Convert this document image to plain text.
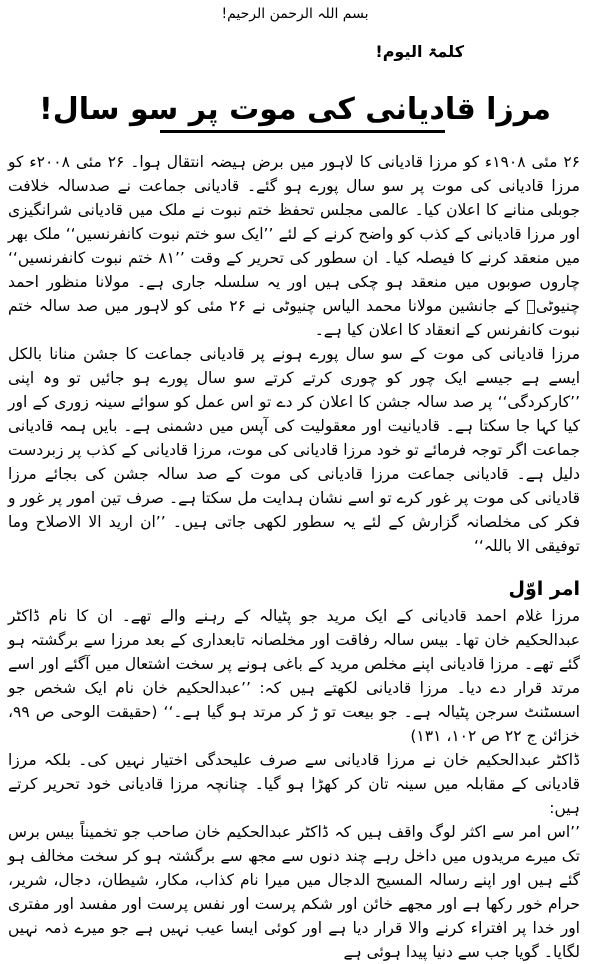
بسم اللہ الرحمن الرحیم!
کلمۃ الیوم!
مرزا قادیانی کی موت پر سو سال!

۲۶ مئی ۱۹۰۸ء کو مرزا قادیانی کا لاہور میں برض ہیضہ انتقال ہوا۔ ۲۶ مئی ۲۰۰۸ء کو مرزا قادیانی کی موت پر سو سال پورے ہو گئے۔ قادیانی جماعت نے صدسالہ خلافت جوبلی منانے کا اعلان کیا۔ عالمی مجلس تحفظ ختم نبوت نے ملک میں قادیانی شرانگیزی اور مرزا قادیانی کے کذب کو واضح کرنے کے لئے ’’ایک سو ختم نبوت کانفرنسیں‘‘ ملک بھر میں منعقد کرنے کا فیصلہ کیا۔ ان سطور کی تحریر کے وقت ’’۸۱ ختم نبوت کانفرنسیں‘‘ چاروں صوبوں میں منعقد ہو چکی ہیں اور یہ سلسلہ جاری ہے۔ مولانا منظور احمد چنیوٹیؒ کے جانشین مولانا محمد الیاس چنیوٹی نے ۲۶ مئی کو لاہور میں صد سالہ ختم نبوت کانفرنس کے انعقاد کا اعلان کیا ہے۔

مرزا قادیانی کی موت کے سو سال پورے ہونے پر قادیانی جماعت کا جشن منانا بالکل ایسے ہے جیسے ایک چور کو چوری کرتے کرتے سو سال پورے ہو جائیں تو وہ اپنی ’’کارکردگی‘‘ پر صد سالہ جشن کا اعلان کر دے تو اس عمل کو سوائے سینہ زوری کے اور کیا کہا جا سکتا ہے۔ قادیانیت اور معقولیت کی آپس میں دشمنی ہے۔ بایں ہمہ قادیانی جماعت اگر توجہ فرمائے تو خود مرزا قادیانی کی موت، مرزا قادیانی کے کذب پر زبردست دلیل ہے۔ قادیانی جماعت مرزا قادیانی کی موت کے صد سالہ جشن کی بجائے مرزا قادیانی کی موت پر غور کرے تو اسے نشان ہدایت مل سکتا ہے۔ صرف تین امور پر غور و فکر کی مخلصانہ گزارش کے لئے یہ سطور لکھی جاتی ہیں۔ ’’ان ارید الا الاصلاح وما توفیقی الا باللہ‘‘

امر اوّل

مرزا غلام احمد قادیانی کے ایک مرید جو پٹیالہ کے رہنے والے تھے۔ ان کا نام ڈاکٹر عبدالحکیم خان تھا۔ بیس سالہ رفاقت اور مخلصانہ تابعداری کے بعد مرزا سے برگشتہ ہو گئے تھے۔ مرزا قادیانی اپنے مخلص مرید کے باغی ہونے پر سخت اشتعال میں آگئے اور اسے مرتد قرار دے دیا۔ مرزا قادیانی لکھتے ہیں کہ: ’’عبدالحکیم خان نام ایک شخص جو اسسٹنٹ سرجن پٹیالہ ہے۔ جو بیعت تو ڑ کر مرتد ہو گیا ہے۔‘‘ (حقیقت الوحی ص ۹۹، خزائن ج ۲۲ ص ۱۰۲، ۱۳۱)

ڈاکٹر عبدالحکیم خان نے مرزا قادیانی سے صرف علیحدگی اختیار نہیں کی۔ بلکہ مرزا قادیانی کے مقابلہ میں سینہ تان کر کھڑا ہو گیا۔ چنانچہ مرزا قادیانی خود تحریر کرتے ہیں:

’’اس امر سے اکثر لوگ واقف ہیں کہ ڈاکٹر عبدالحکیم خان صاحب جو تخمیناً بیس برس تک میرے مریدوں میں داخل رہے چند دنوں سے مجھ سے برگشتہ ہو کر سخت مخالف ہو گئے ہیں اور اپنے رسالہ المسیح الدجال میں میرا نام کذاب، مکار، شیطان، دجال، شریر، حرام خور رکھا ہے اور مجھے خائن اور شکم پرست اور نفس پرست اور مفسد اور مفتری اور خدا پر افتراء کرنے والا قرار دیا ہے اور کوئی ایسا عیب نہیں ہے جو میرے ذمہ نہیں لگایا۔ گویا جب سے دنیا پیدا ہوئی ہے
